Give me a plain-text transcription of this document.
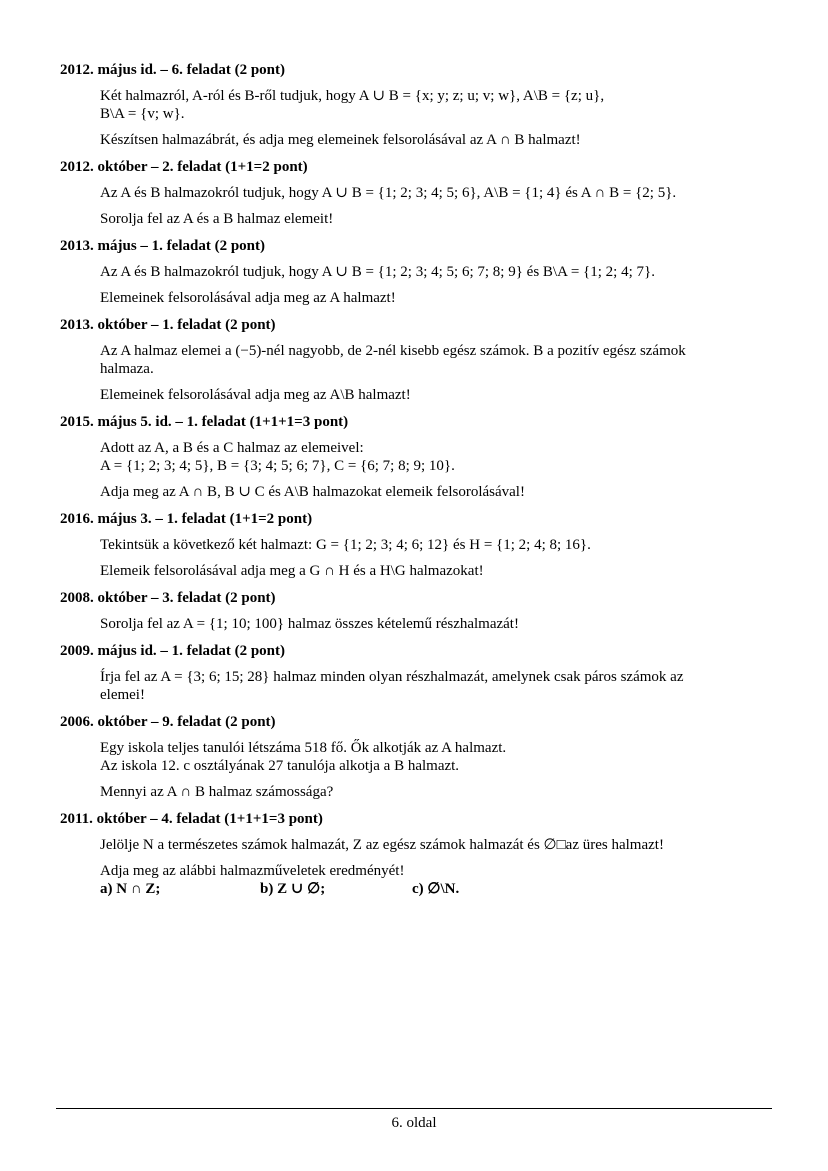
2012. május id. – 6. feladat (2 pont)
Két halmazról, A-ról és B-ről tudjuk, hogy A ∪ B = {x; y; z; u; v; w}, A\B = {z; u},
B\A = {v; w}.
Készítsen halmazábrát, és adja meg elemeinek felsorolásával az A ∩ B halmazt!
2012. október – 2. feladat (1+1=2 pont)
Az A és B halmazokról tudjuk, hogy A ∪ B = {1; 2; 3; 4; 5; 6}, A\B = {1; 4} és A ∩ B = {2; 5}.
Sorolja fel az A és a B halmaz elemeit!
2013. május – 1. feladat (2 pont)
Az A és B halmazokról tudjuk, hogy A ∪ B = {1; 2; 3; 4; 5; 6; 7; 8; 9} és B\A = {1; 2; 4; 7}.
Elemeinek felsorolásával adja meg az A halmazt!
2013. október – 1. feladat (2 pont)
Az A halmaz elemei a (−5)-nél nagyobb, de 2-nél kisebb egész számok. B a pozitív egész számok
halmaza.
Elemeinek felsorolásával adja meg az A\B halmazt!
2015. május 5. id. – 1. feladat (1+1+1=3 pont)
Adott az A, a B és a C halmaz az elemeivel:
A = {1; 2; 3; 4; 5}, B = {3; 4; 5; 6; 7}, C = {6; 7; 8; 9; 10}.
Adja meg az A ∩ B, B ∪ C és A\B halmazokat elemeik felsorolásával!
2016. május 3. – 1. feladat (1+1=2 pont)
Tekintsük a következő két halmazt: G = {1; 2; 3; 4; 6; 12} és H = {1; 2; 4; 8; 16}.
Elemeik felsorolásával adja meg a G ∩ H és a H\G halmazokat!
2008. október – 3. feladat (2 pont)
Sorolja fel az A = {1; 10; 100} halmaz összes kételemű részhalmazát!
2009. május id. – 1. feladat (2 pont)
Írja fel az A = {3; 6; 15; 28} halmaz minden olyan részhalmazát, amelynek csak páros számok az
elemei!
2006. október – 9. feladat (2 pont)
Egy iskola teljes tanulói létszáma 518 fő. Ők alkotják az A halmazt.
Az iskola 12. c osztályának 27 tanulója alkotja a B halmazt.
Mennyi az A ∩ B halmaz számossága?
2011. október – 4. feladat (1+1+1=3 pont)
Jelölje N a természetes számok halmazát, Z az egész számok halmazát és ∅□az üres halmazt!
Adja meg az alábbi halmazműveletek eredményét!
a) N ∩ Z;	b) Z ∪ ∅;	c) ∅\N.
6. oldal
